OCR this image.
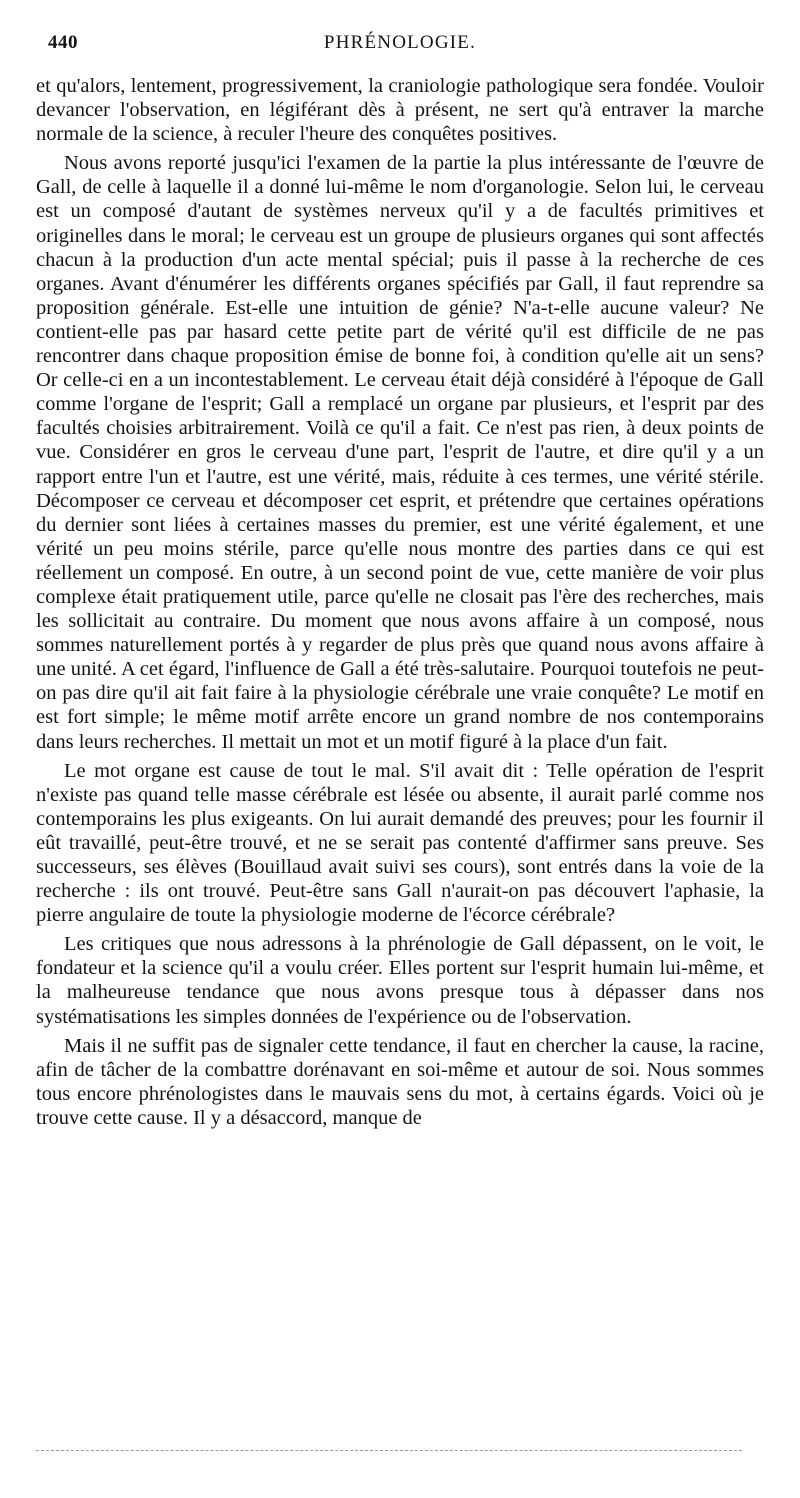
440	PHRÉNOLOGIE.

et qu'alors, lentement, progressivement, la craniologie pathologique sera fondée. Vouloir devancer l'observation, en légiférant dès à présent, ne sert qu'à entraver la marche normale de la science, à reculer l'heure des conquêtes positives.

Nous avons reporté jusqu'ici l'examen de la partie la plus intéressante de l'œuvre de Gall, de celle à laquelle il a donné lui-même le nom d'organologie. Selon lui, le cerveau est un composé d'autant de systèmes nerveux qu'il y a de facultés primitives et originelles dans le moral; le cerveau est un groupe de plusieurs organes qui sont affectés chacun à la production d'un acte mental spécial; puis il passe à la recherche de ces organes. Avant d'énumérer les différents organes spécifiés par Gall, il faut reprendre sa proposition générale. Est-elle une intuition de génie? N'a-t-elle aucune valeur? Ne contient-elle pas par hasard cette petite part de vérité qu'il est difficile de ne pas rencontrer dans chaque proposition émise de bonne foi, à condition qu'elle ait un sens? Or celle-ci en a un incontestablement. Le cerveau était déjà considéré à l'époque de Gall comme l'organe de l'esprit; Gall a remplacé un organe par plusieurs, et l'esprit par des facultés choisies arbitrairement. Voilà ce qu'il a fait. Ce n'est pas rien, à deux points de vue. Considérer en gros le cerveau d'une part, l'esprit de l'autre, et dire qu'il y a un rapport entre l'un et l'autre, est une vérité, mais, réduite à ces termes, une vérité stérile. Décomposer ce cerveau et décomposer cet esprit, et prétendre que certaines opérations du dernier sont liées à certaines masses du premier, est une vérité également, et une vérité un peu moins stérile, parce qu'elle nous montre des parties dans ce qui est réellement un composé. En outre, à un second point de vue, cette manière de voir plus complexe était pratiquement utile, parce qu'elle ne closait pas l'ère des recherches, mais les sollicitait au contraire. Du moment que nous avons affaire à un composé, nous sommes naturellement portés à y regarder de plus près que quand nous avons affaire à une unité. A cet égard, l'influence de Gall a été très-salutaire. Pourquoi toutefois ne peut-on pas dire qu'il ait fait faire à la physiologie cérébrale une vraie conquête? Le motif en est fort simple; le même motif arrête encore un grand nombre de nos contemporains dans leurs recherches. Il mettait un mot et un motif figuré à la place d'un fait.

Le mot organe est cause de tout le mal. S'il avait dit : Telle opération de l'esprit n'existe pas quand telle masse cérébrale est lésée ou absente, il aurait parlé comme nos contemporains les plus exigeants. On lui aurait demandé des preuves; pour les fournir il eût travaillé, peut-être trouvé, et ne se serait pas contenté d'affirmer sans preuve. Ses successeurs, ses élèves (Bouillaud avait suivi ses cours), sont entrés dans la voie de la recherche : ils ont trouvé. Peut-être sans Gall n'aurait-on pas découvert l'aphasie, la pierre angulaire de toute la physiologie moderne de l'écorce cérébrale?

Les critiques que nous adressons à la phrénologie de Gall dépassent, on le voit, le fondateur et la science qu'il a voulu créer. Elles portent sur l'esprit humain lui-même, et la malheureuse tendance que nous avons presque tous à dépasser dans nos systématisations les simples données de l'expérience ou de l'observation.

Mais il ne suffit pas de signaler cette tendance, il faut en chercher la cause, la racine, afin de tâcher de la combattre dorénavant en soi-même et autour de soi. Nous sommes tous encore phrénologistes dans le mauvais sens du mot, à certains égards. Voici où je trouve cette cause. Il y a désaccord, manque de
